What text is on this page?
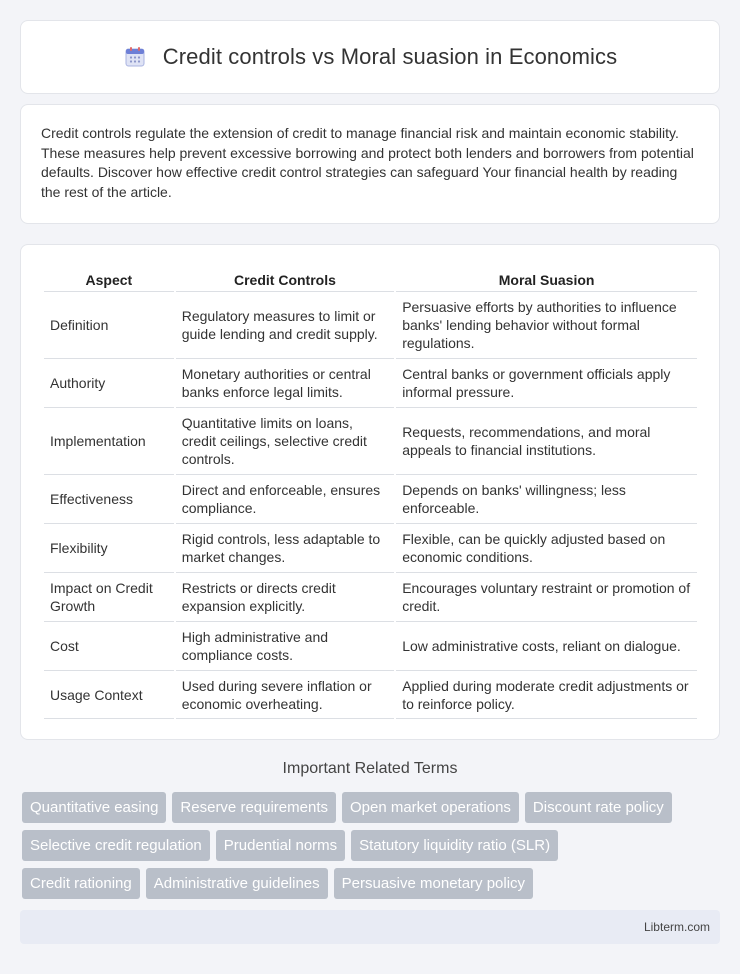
Credit controls vs Moral suasion in Economics

Credit controls regulate the extension of credit to manage financial risk and maintain economic stability. These measures help prevent excessive borrowing and protect both lenders and borrowers from potential defaults. Discover how effective credit control strategies can safeguard Your financial health by reading the rest of the article.

Aspect	Credit Controls	Moral Suasion
Definition	Regulatory measures to limit or guide lending and credit supply.	Persuasive efforts by authorities to influence banks' lending behavior without formal regulations.
Authority	Monetary authorities or central banks enforce legal limits.	Central banks or government officials apply informal pressure.
Implementation	Quantitative limits on loans, credit ceilings, selective credit controls.	Requests, recommendations, and moral appeals to financial institutions.
Effectiveness	Direct and enforceable, ensures compliance.	Depends on banks' willingness; less enforceable.
Flexibility	Rigid controls, less adaptable to market changes.	Flexible, can be quickly adjusted based on economic conditions.
Impact on Credit Growth	Restricts or directs credit expansion explicitly.	Encourages voluntary restraint or promotion of credit.
Cost	High administrative and compliance costs.	Low administrative costs, reliant on dialogue.
Usage Context	Used during severe inflation or economic overheating.	Applied during moderate credit adjustments or to reinforce policy.
Important Related Terms
Quantitative easing	Reserve requirements	Open market operations	Discount rate policy
Selective credit regulation	Prudential norms	Statutory liquidity ratio (SLR)
Credit rationing	Administrative guidelines	Persuasive monetary policy
Libterm.com
